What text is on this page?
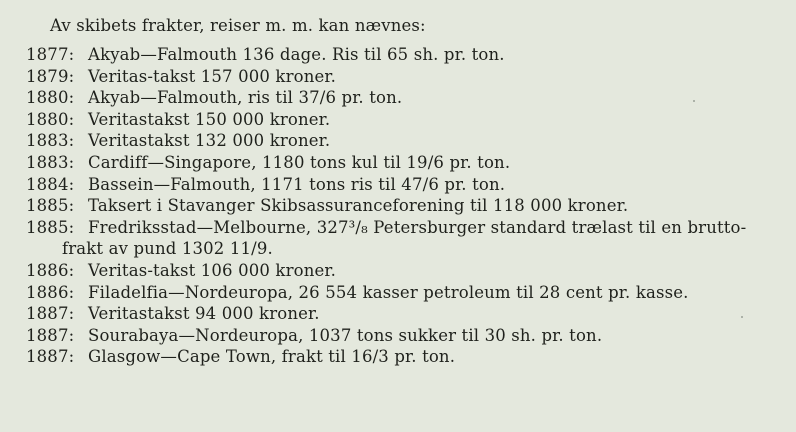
Av skibets frakter, reiser m. m. kan nævnes:
1877: Akyab—Falmouth 136 dage. Ris til 65 sh. pr. ton.
1879: Veritas-takst 157 000 kroner.
1880: Akyab—Falmouth, ris til 37/6 pr. ton.
1880: Veritastakst 150 000 kroner.
1883: Veritastakst 132 000 kroner.
1883: Cardiff—Singapore, 1180 tons kul til 19/6 pr. ton.
1884: Bassein—Falmouth, 1171 tons ris til 47/6 pr. ton.
1885: Taksert i Stavanger Skibsassuranceforening til 118 000 kroner.
1885: Fredriksstad—Melbourne, 327³/₈ Petersburger standard trælast til en brutto-
frakt av pund 1302 11/9.
1886: Veritas-takst 106 000 kroner.
1886: Filadelfia—Nordeuropa, 26 554 kasser petroleum til 28 cent pr. kasse.
1887: Veritastakst 94 000 kroner.
1887: Sourabaya—Nordeuropa, 1037 tons sukker til 30 sh. pr. ton.
1887: Glasgow—Cape Town, frakt til 16/3 pr. ton.
